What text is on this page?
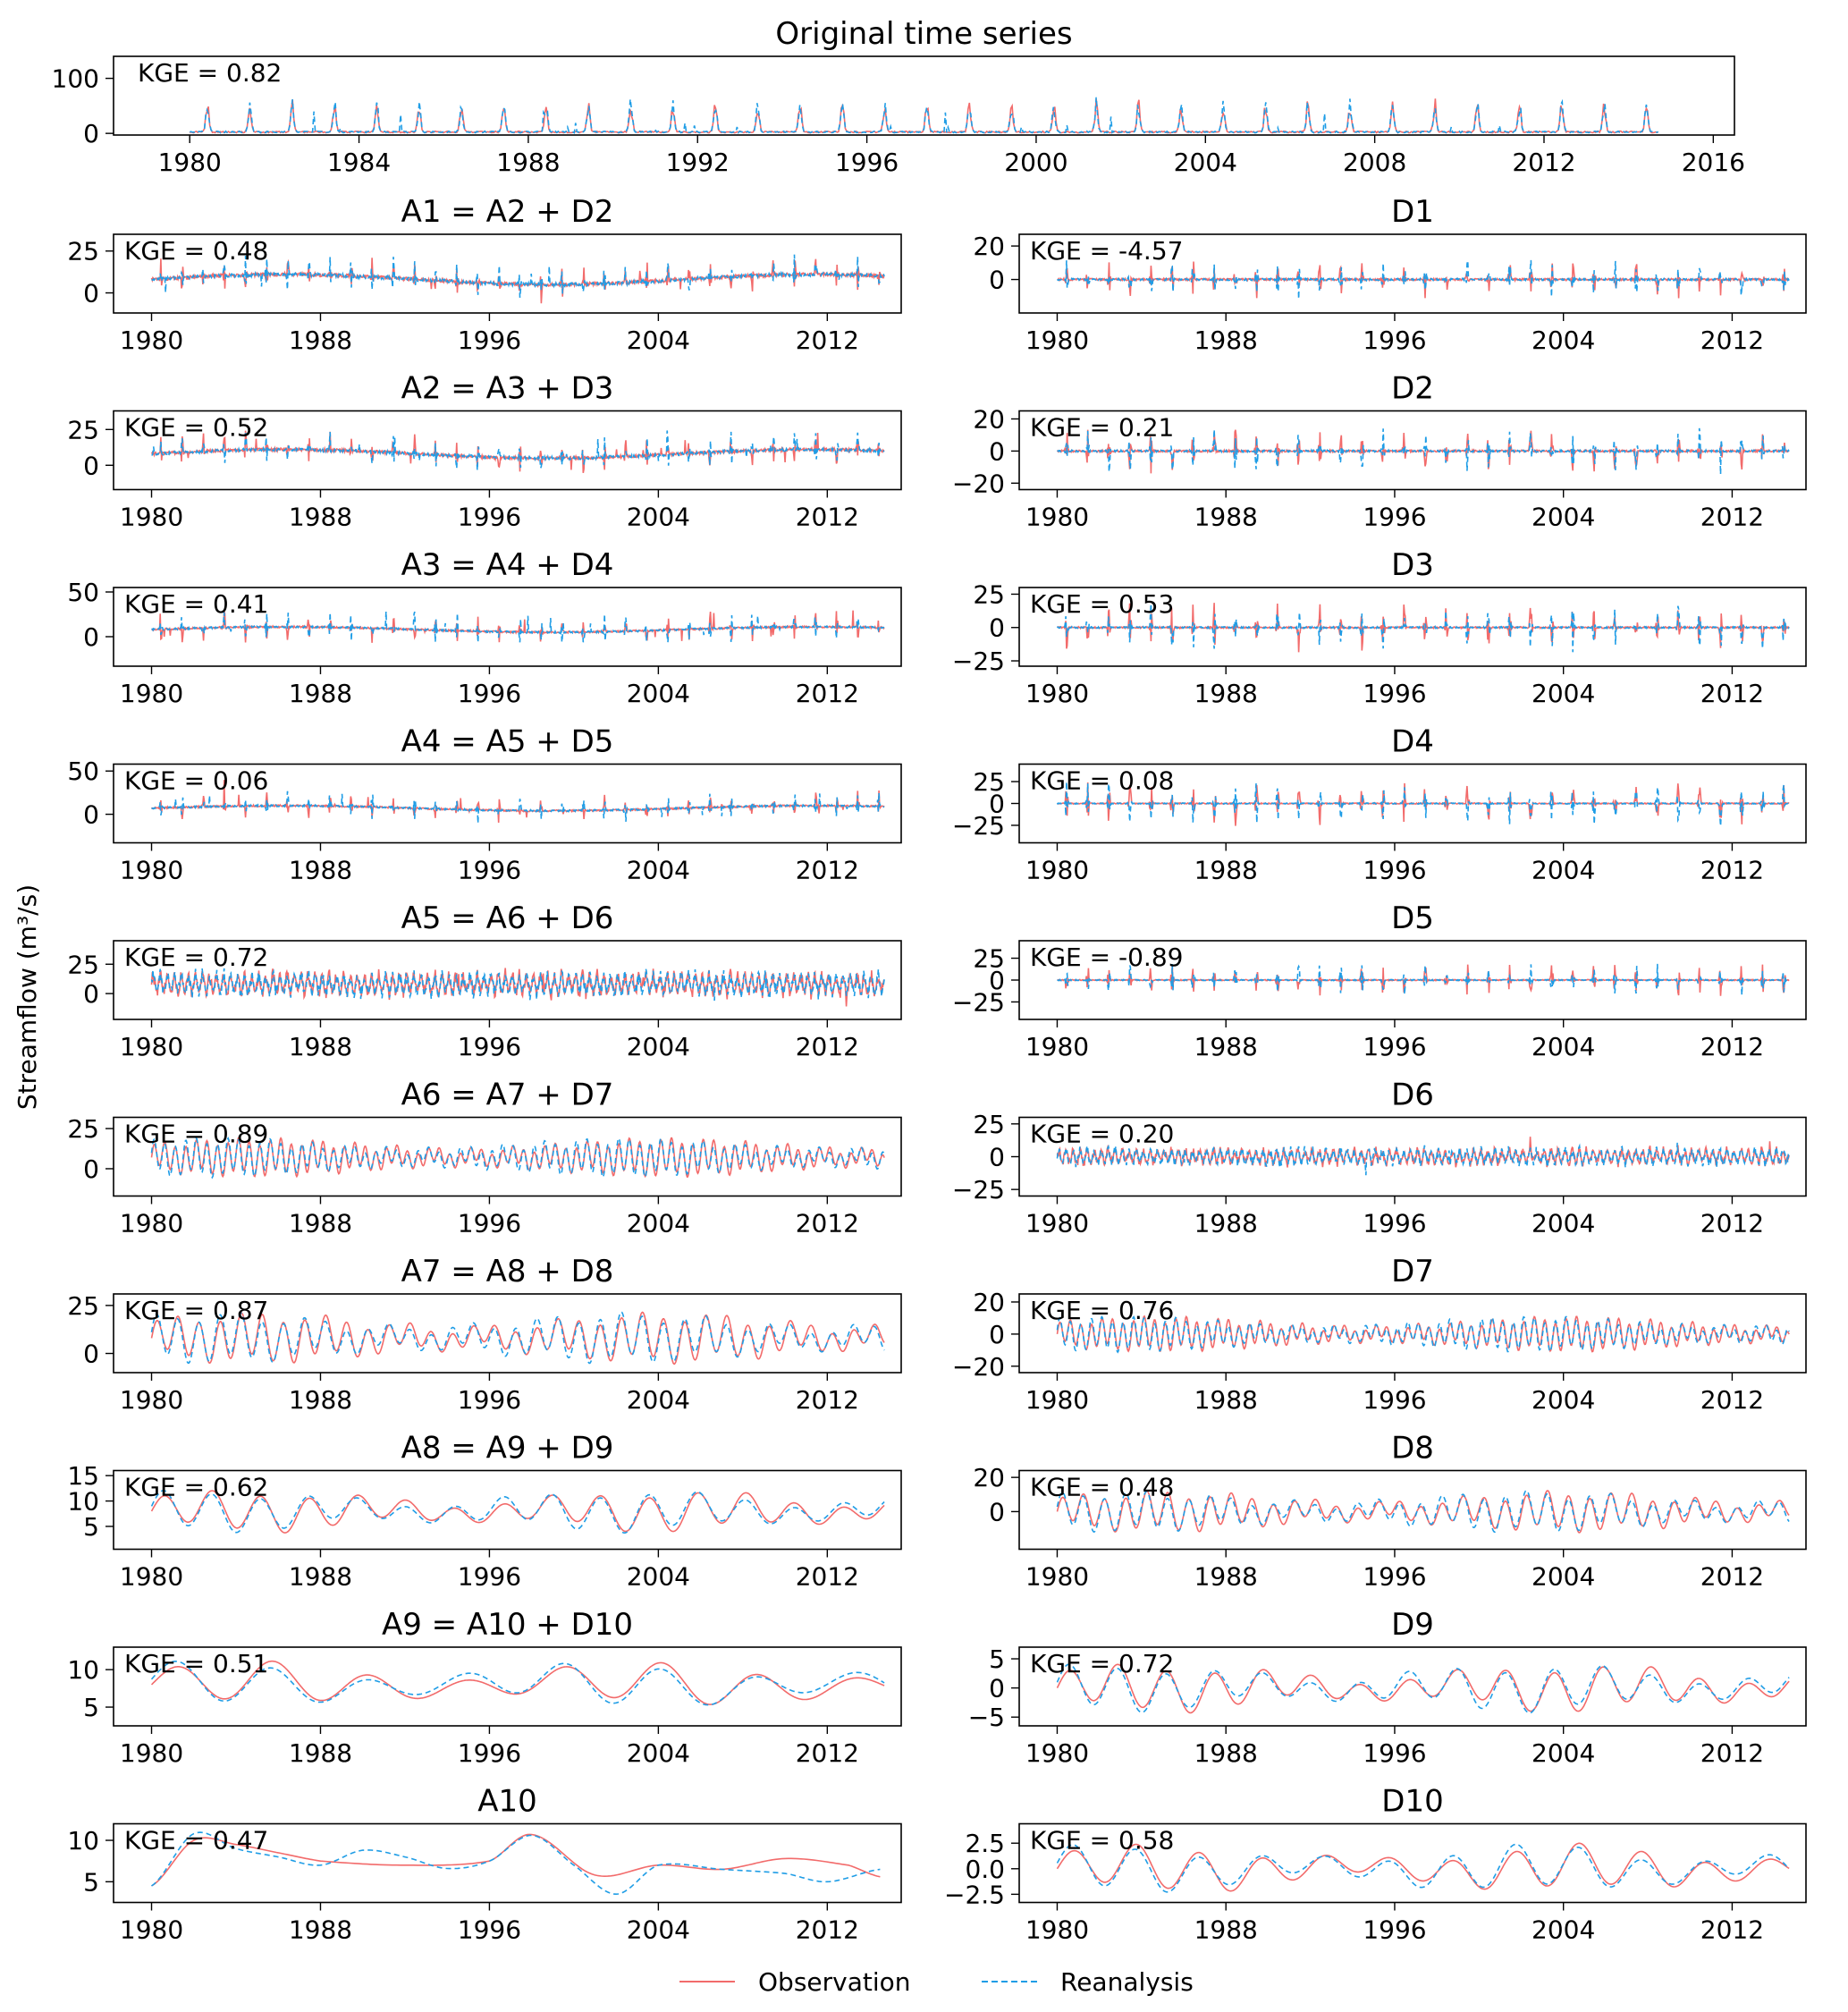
Original time series
1980	1984	1988	1992	1996	2000	2004	2008	2012	2016
0
100 KGE = 0.82
A1 = A2 + D2
1980	1988	1996	2004	2012
0
25 KGE = 0.48
D1
1980	1988	1996	2004	2012
0
20 KGE = -4.57
A2 = A3 + D3
1980	1988	1996	2004	2012
0
25 KGE = 0.52
D2
1980	1988	1996	2004	2012
−20
0
20 KGE = 0.21
A3 = A4 + D4
1980	1988	1996	2004	2012
0
50 KGE = 0.41
D3
1980	1988	1996	2004	2012
−25
0
25 KGE = 0.53
A4 = A5 + D5
1980	1988	1996	2004	2012
0
50 KGE = 0.06
D4
1980	1988	1996	2004	2012
−25
0
25 KGE = 0.08
A5 = A6 + D6
1980	1988	1996	2004	2012
0
25 KGE = 0.72
D5
1980	1988	1996	2004	2012
−25
0
25 KGE = -0.89
A6 = A7 + D7
1980	1988	1996	2004	2012
0
25 KGE = 0.89
D6
1980	1988	1996	2004	2012
−25
0
25 KGE = 0.20
A7 = A8 + D8
1980	1988	1996	2004	2012
0
25 KGE = 0.87
D7
1980	1988	1996	2004	2012
−20
0
20 KGE = 0.76
A8 = A9 + D9
1980	1988	1996	2004	2012
5
10
15 KGE = 0.62
D8
1980	1988	1996	2004	2012
0
20 KGE = 0.48
A9 = A10 + D10
1980	1988	1996	2004	2012
5
10 KGE = 0.51
D9
1980	1988	1996	2004	2012
−5
0
5 KGE = 0.72
A10
1980	1988	1996	2004	2012
5
10 KGE = 0.47
D10
1980	1988	1996	2004	2012
−2.5
0.0
2.5 KGE = 0.58
Streamflow (m³/s)
Observation	Reanalysis
